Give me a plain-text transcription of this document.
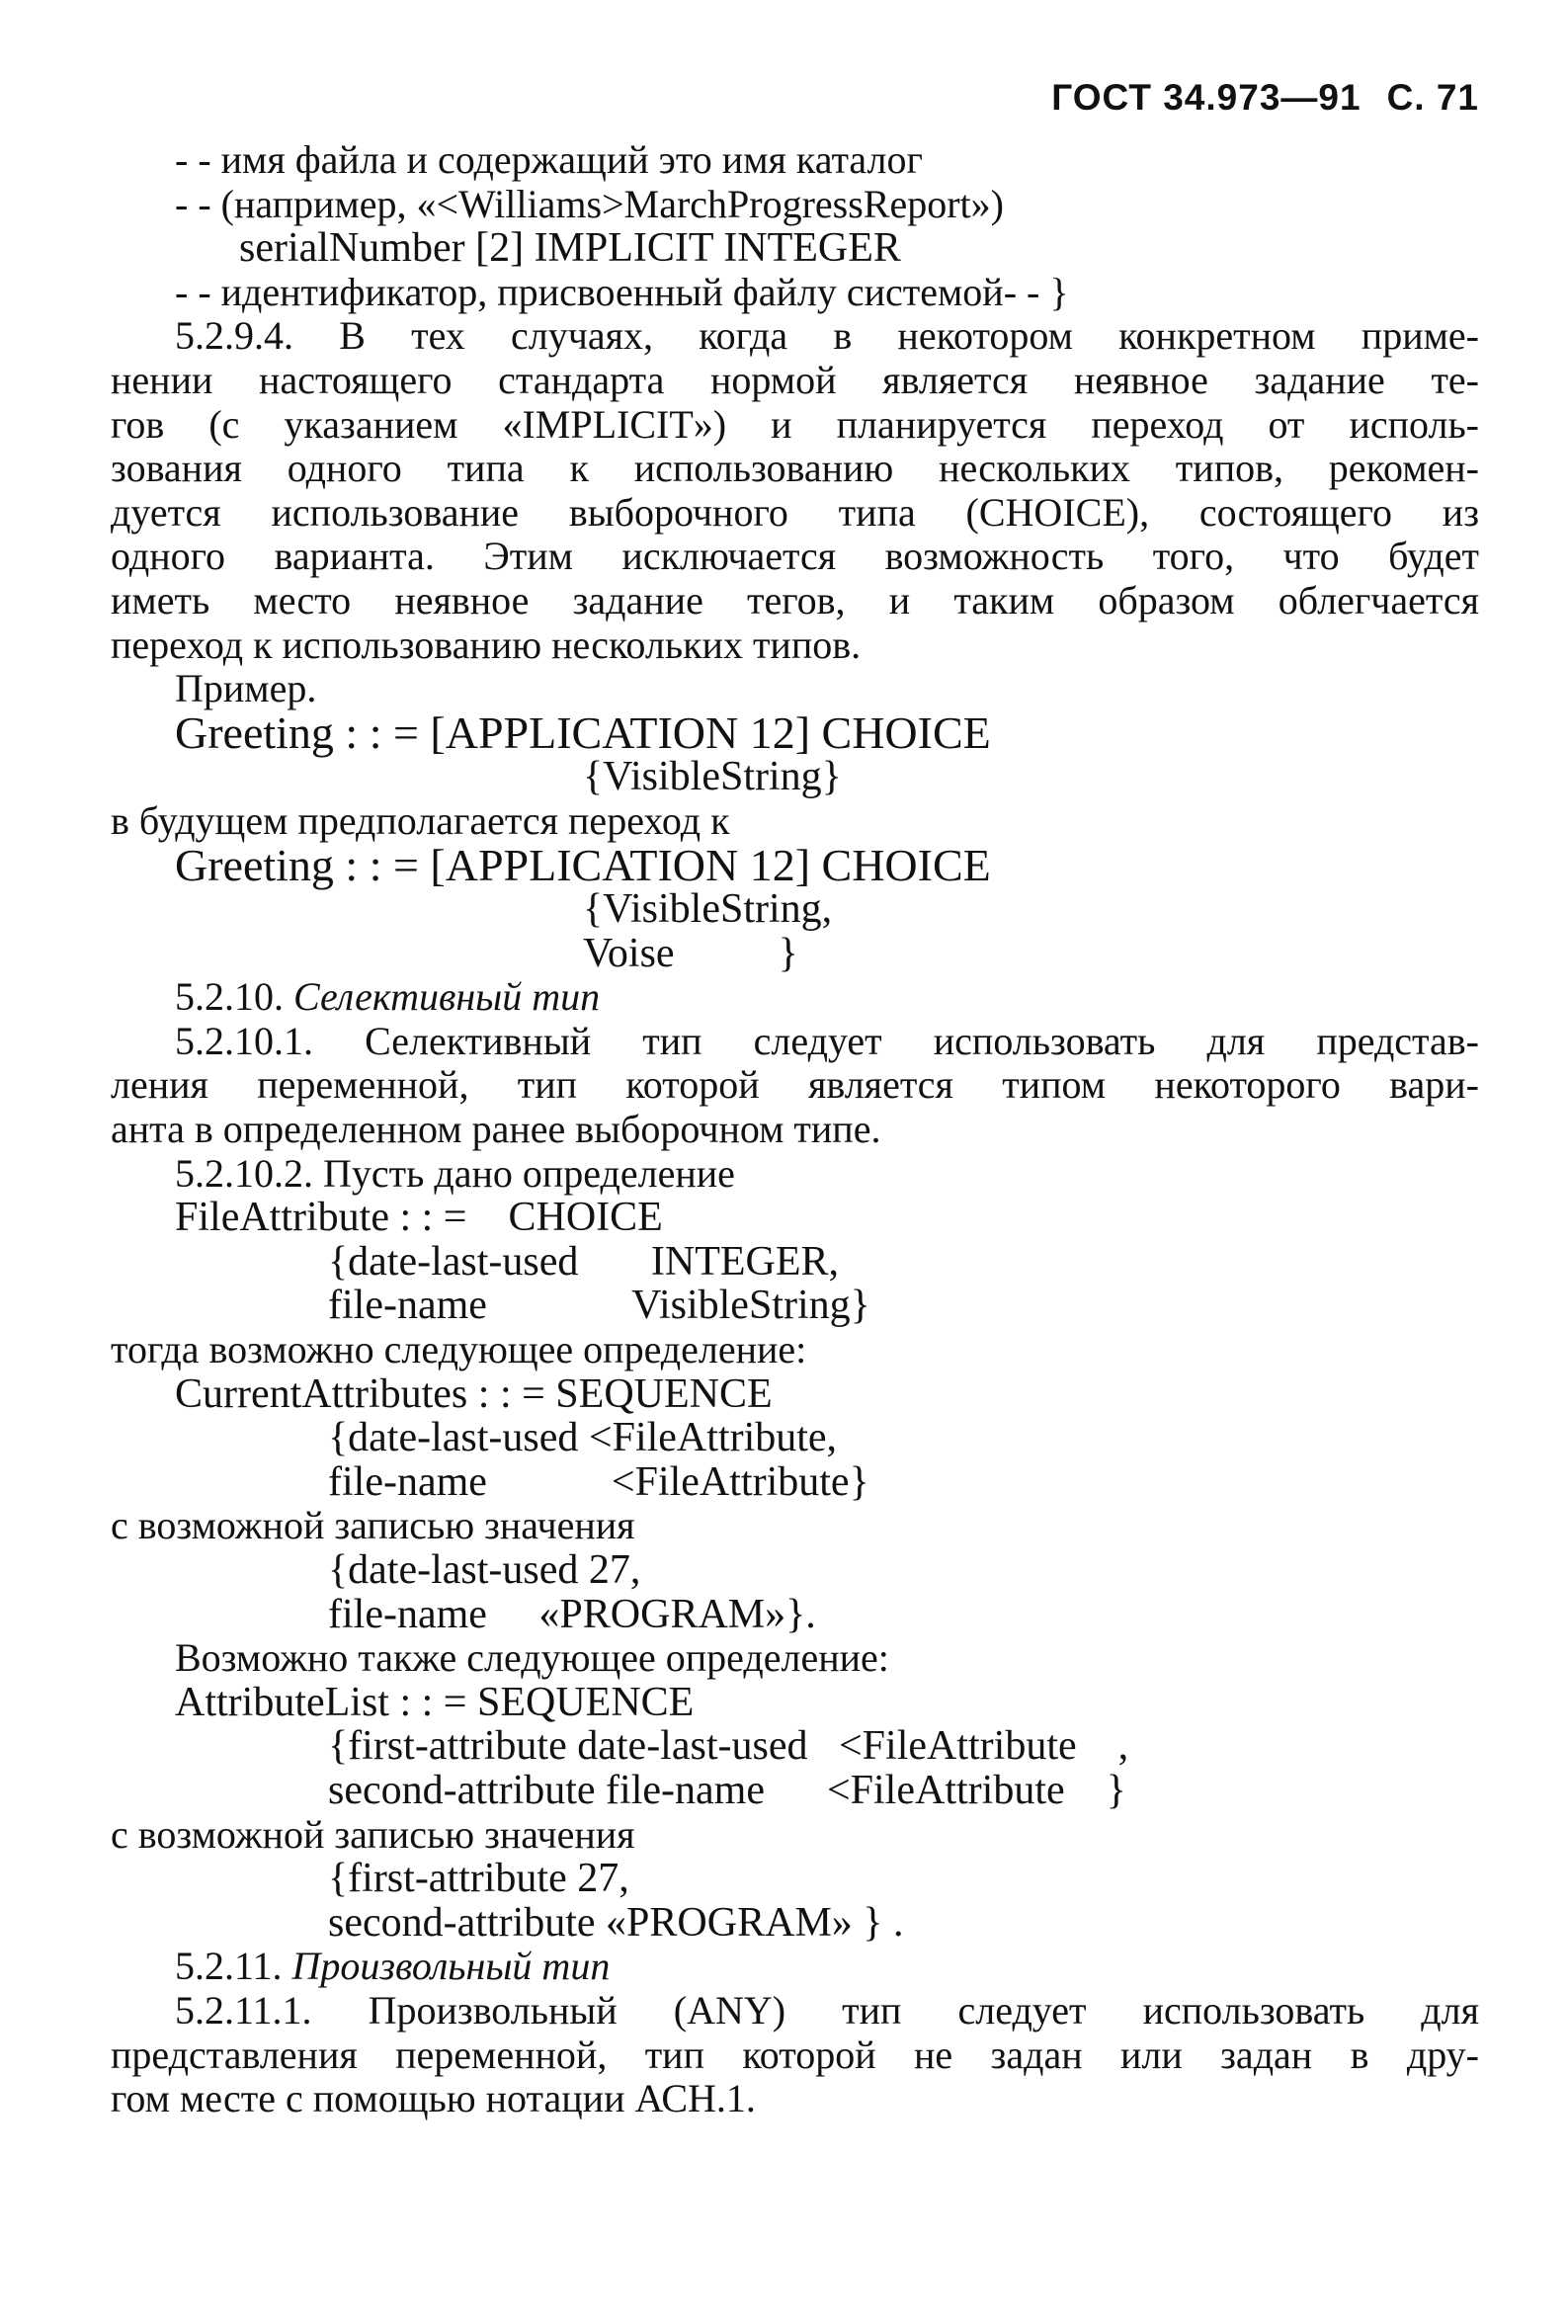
ГОСТ 34.973—91 С. 71
- - имя файла и содержащий это имя каталог
- - (например, «<Williams>MarchProgressReport»)
serialNumber [2] IMPLICIT INTEGER
- - идентификатор, присвоенный файлу системой- - }
5.2.9.4. В тех случаях, когда в некотором конкретном приме-
нении настоящего стандарта нормой является неявное задание те-
гов (с указанием «IMPLICIT») и планируется переход от исполь-
зования одного типа к использованию нескольких типов, рекомен-
дуется использование выборочного типа (CHOICE), состоящего из
одного варианта. Этим исключается возможность того, что будет
иметь место неявное задание тегов, и таким образом облегчается
переход к использованию нескольких типов.
Пример.
Greeting : : = [APPLICATION 12] CHOICE
{VisibleString}
в будущем предполагается переход к
Greeting : : = [APPLICATION 12] CHOICE
{VisibleString,
Voise          }
5.2.10. Селективный тип
5.2.10.1. Селективный тип следует использовать для представ-
ления переменной, тип которой является типом некоторого вари-
анта в определенном ранее выборочном типе.
5.2.10.2. Пусть дано определение
FileAttribute : : =    CHOICE
{date-last-used       INTEGER,
file-name              VisibleString}
тогда возможно следующее определение:
CurrentAttributes : : = SEQUENCE
{date-last-used <FileAttribute,
file-name            <FileAttribute}
с возможной записью значения
{date-last-used 27,
file-name     «PROGRAM»}.
Возможно также следующее определение:
AttributeList : : = SEQUENCE
{first-attribute date-last-used   <FileAttribute    ,
second-attribute file-name      <FileAttribute    }
с возможной записью значения
{first-attribute 27,
second-attribute «PROGRAM» } .
5.2.11. Произвольный тип
5.2.11.1. Произвольный (ANY) тип следует использовать для
представления переменной, тип которой не задан или задан в дру-
гом месте с помощью нотации АСН.1.
